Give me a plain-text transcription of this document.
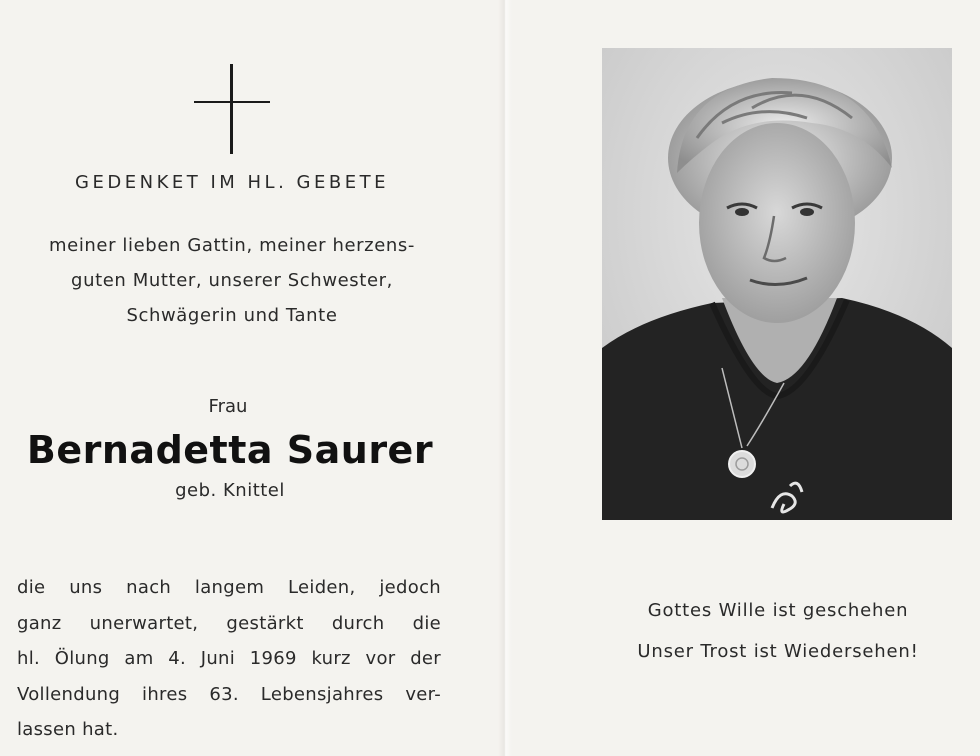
GEDENKET IM HL. GEBETE
meiner lieben Gattin, meiner herzens-
guten Mutter, unserer Schwester,
Schwägerin und Tante
Frau
Bernadetta Saurer
geb. Knittel
die uns nach langem Leiden, jedoch
ganz unerwartet, gestärkt durch die
hl. Ölung am 4. Juni 1969 kurz vor der
Vollendung ihres 63. Lebensjahres ver-
lassen hat.
Gottes Wille ist geschehen
Unser Trost ist Wiedersehen!
